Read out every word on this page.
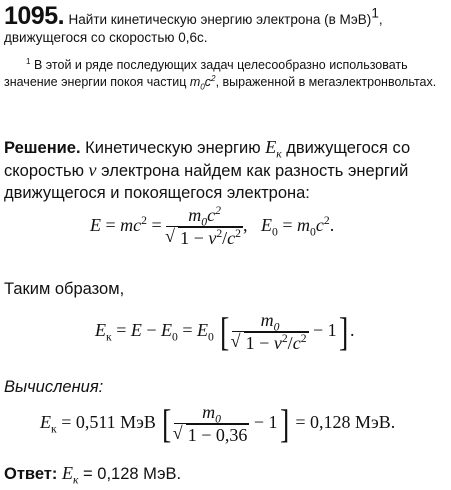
1095. Найти кинетическую энергию электрона (в МэВ)$^1$,
движущегося со скоростью 0,6c.
$^1$ В этой и ряде последующих задач целесообразно использовать значение энергии покоя частиц $m_0c^2$, выраженной в мегаэлектронвольтах.
Решение. Кинетическую энергию $E_к$ движущегося со скоростью v электрона найдем как разность энергий движущегося и покоящегося электрона:
$E = mc^2 = m_0c^2$
√ $1 - v^2/c^2$ ,   $E_0 = m_0c^2$.
Таким образом,
$E_к = E - E_0 = E_0$ [ $m_0$
√ $1 - v^2/c^2 - 1$] .
Вычисления:
$E_к = 0,511$ МэВ [ $m_0$
√ 1 − 0,36 − 1] = 0,128 МэВ.
Ответ: $E_к = 0,128$ МэВ.
